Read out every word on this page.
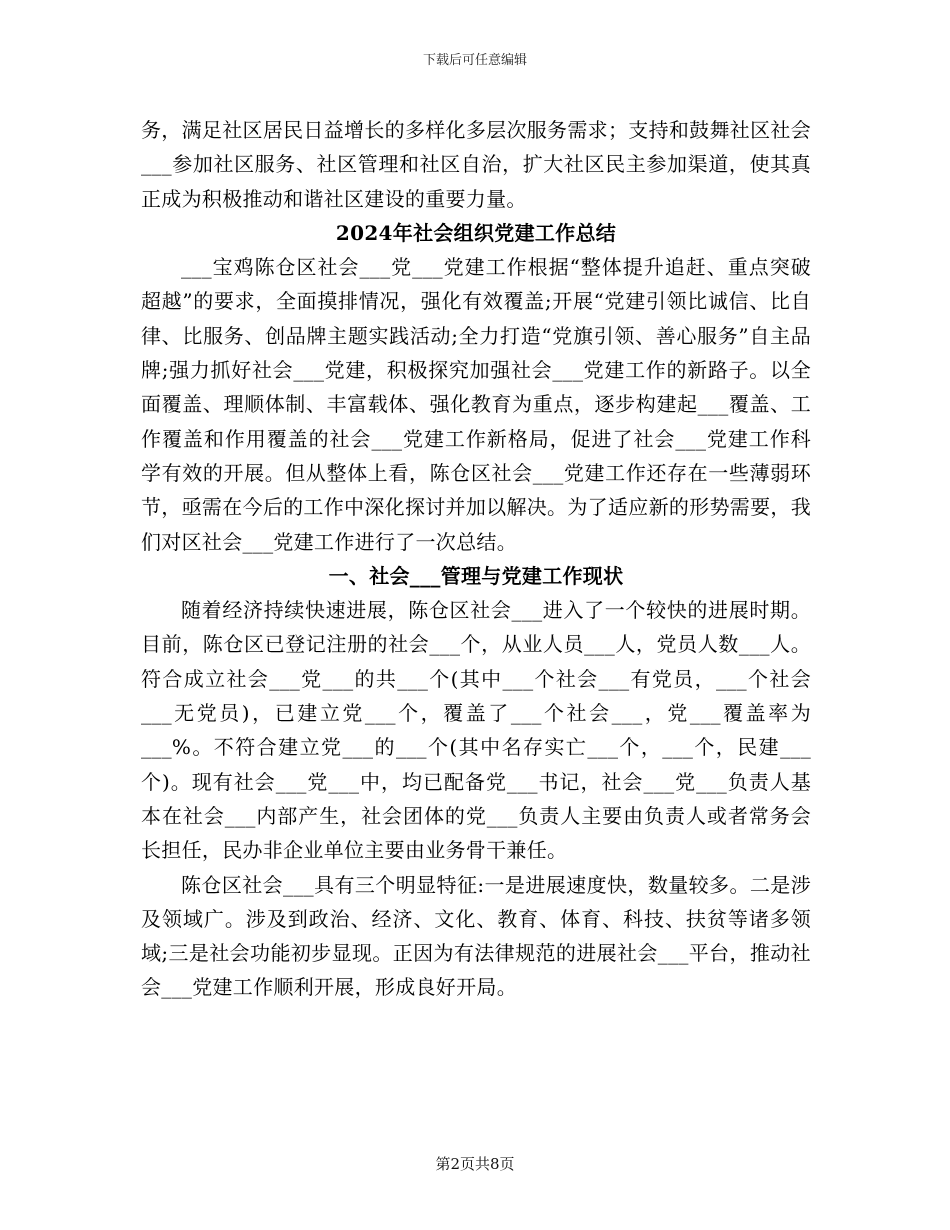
下载后可任意编辑

务，满足社区居民日益增长的多样化多层次服务需求；支持和鼓舞社区社会___参加社区服务、社区管理和社区自治，扩大社区民主参加渠道，使其真正成为积极推动和谐社区建设的重要力量。

2024年社会组织党建工作总结

___宝鸡陈仓区社会___党___党建工作根据“整体提升追赶、重点突破超越”的要求，全面摸排情况，强化有效覆盖;开展“党建引领比诚信、比自律、比服务、创品牌主题实践活动;全力打造“党旗引领、善心服务”自主品牌;强力抓好社会___党建，积极探究加强社会___党建工作的新路子。以全面覆盖、理顺体制、丰富载体、强化教育为重点，逐步构建起___覆盖、工作覆盖和作用覆盖的社会___党建工作新格局，促进了社会___党建工作科学有效的开展。但从整体上看，陈仓区社会___党建工作还存在一些薄弱环节，亟需在今后的工作中深化探讨并加以解决。为了适应新的形势需要，我们对区社会___党建工作进行了一次总结。

一、社会___管理与党建工作现状

随着经济持续快速进展，陈仓区社会___进入了一个较快的进展时期。目前，陈仓区已登记注册的社会___个，从业人员___人，党员人数___人。符合成立社会___党___的共___个(其中___个社会___有党员，___个社会___无党员)，已建立党___个，覆盖了___个社会___，党___覆盖率为___%。不符合建立党___的___个(其中名存实亡___个，___个，民建___个)。现有社会___党___中，均已配备党___书记，社会___党___负责人基本在社会___内部产生，社会团体的党___负责人主要由负责人或者常务会长担任，民办非企业单位主要由业务骨干兼任。

陈仓区社会___具有三个明显特征:一是进展速度快，数量较多。二是涉及领域广。涉及到政治、经济、文化、教育、体育、科技、扶贫等诸多领域;三是社会功能初步显现。正因为有法律规范的进展社会___平台，推动社会___党建工作顺利开展，形成良好开局。

第2页共8页
